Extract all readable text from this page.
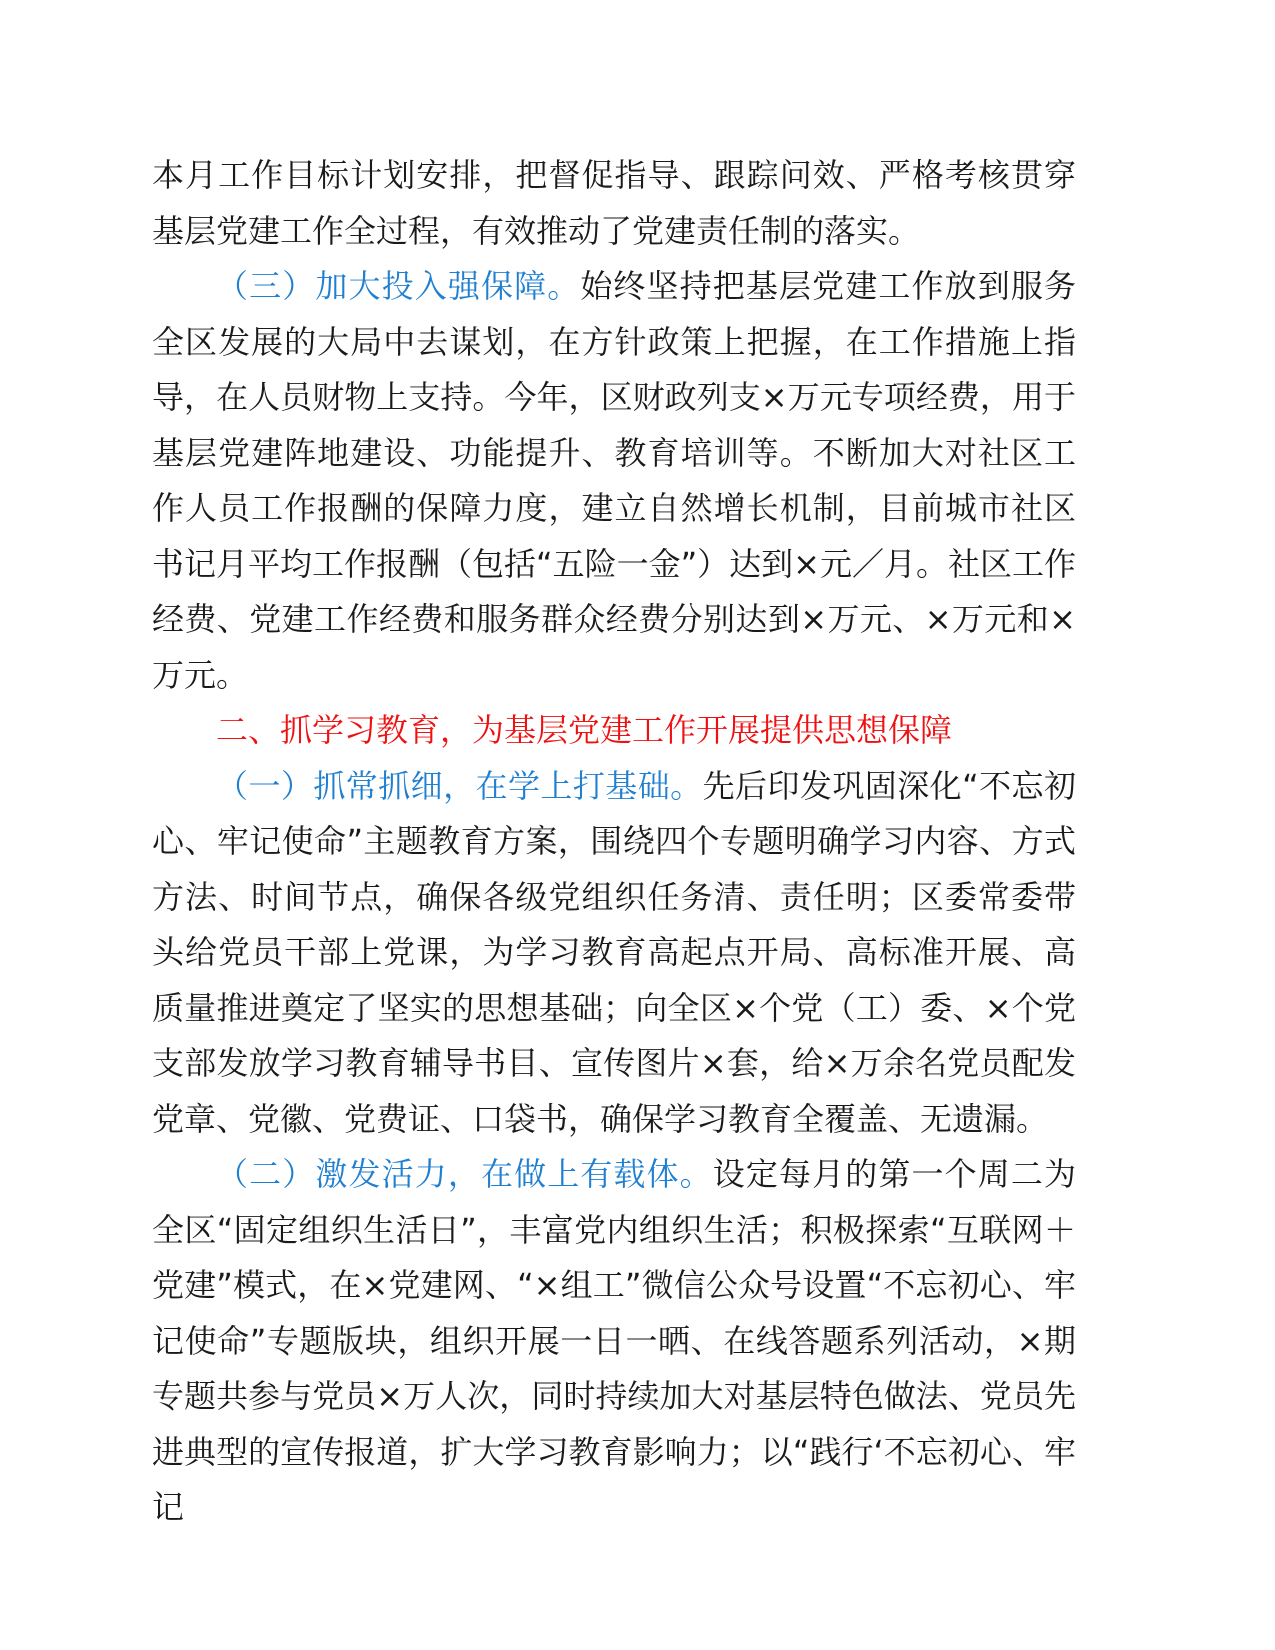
本月工作目标计划安排，把督促指导、跟踪问效、严格考核贯穿基层党建工作全过程，有效推动了党建责任制的落实。

（三）加大投入强保障。始终坚持把基层党建工作放到服务全区发展的大局中去谋划，在方针政策上把握，在工作措施上指导，在人员财物上支持。今年，区财政列支×万元专项经费，用于基层党建阵地建设、功能提升、教育培训等。不断加大对社区工作人员工作报酬的保障力度，建立自然增长机制，目前城市社区书记月平均工作报酬（包括“五险一金”）达到×元／月。社区工作经费、党建工作经费和服务群众经费分别达到×万元、×万元和×万元。

二、抓学习教育，为基层党建工作开展提供思想保障

（一）抓常抓细，在学上打基础。先后印发巩固深化“不忘初心、牢记使命”主题教育方案，围绕四个专题明确学习内容、方式方法、时间节点，确保各级党组织任务清、责任明；区委常委带头给党员干部上党课，为学习教育高起点开局、高标准开展、高质量推进奠定了坚实的思想基础；向全区×个党（工）委、×个党支部发放学习教育辅导书目、宣传图片×套，给×万余名党员配发党章、党徽、党费证、口袋书，确保学习教育全覆盖、无遗漏。

（二）激发活力，在做上有载体。设定每月的第一个周二为全区“固定组织生活日”，丰富党内组织生活；积极探索“互联网＋党建”模式，在×党建网、“×组工”微信公众号设置“不忘初心、牢记使命”专题版块，组织开展一日一晒、在线答题系列活动，×期专题共参与党员×万人次，同时持续加大对基层特色做法、党员先进典型的宣传报道，扩大学习教育影响力；以“践行‘不忘初心、牢记
